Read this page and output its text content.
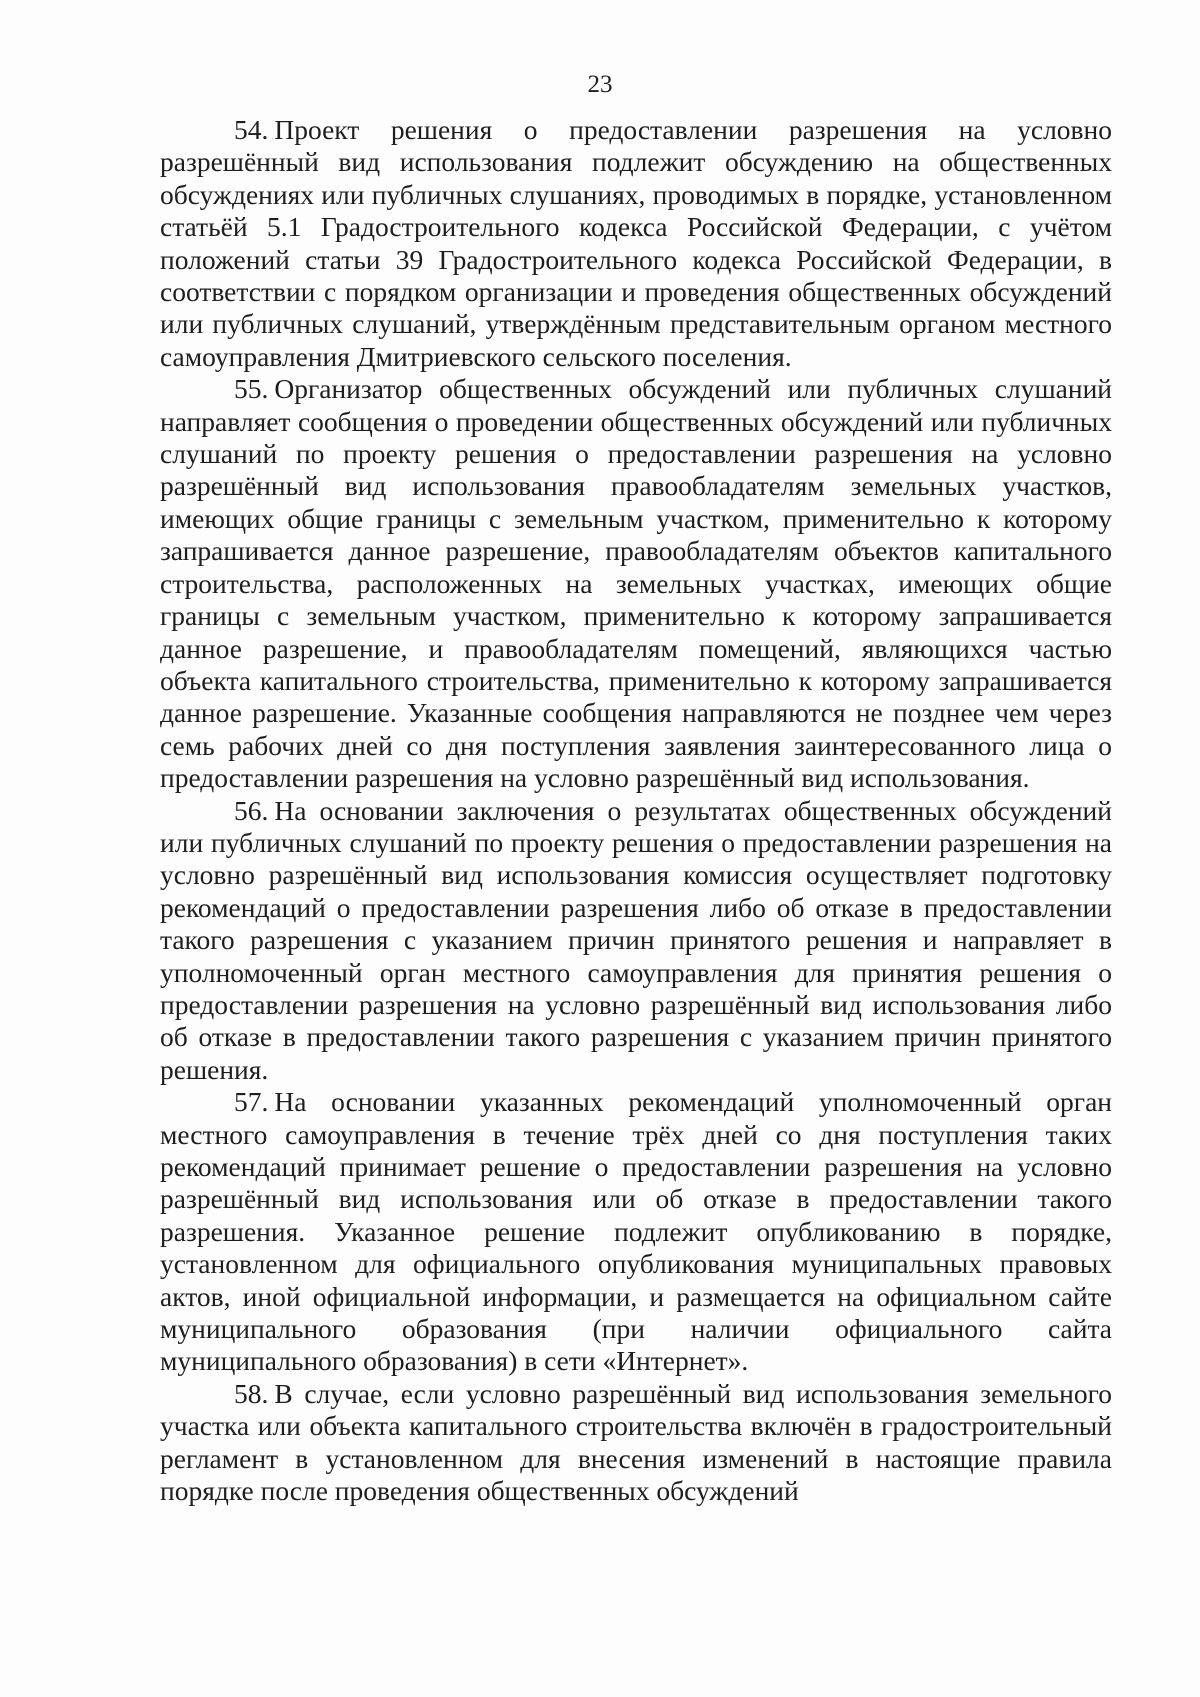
23

54. Проект решения о предоставлении разрешения на условно разрешённый вид использования подлежит обсуждению на общественных обсуждениях или публичных слушаниях, проводимых в порядке, установленном статьёй 5.1 Градостроительного кодекса Российской Федерации, с учётом положений статьи 39 Градостроительного кодекса Российской Федерации, в соответствии с порядком организации и проведения общественных обсуждений или публичных слушаний, утверждённым представительным органом местного самоуправления Дмитриевского сельского поселения.

55. Организатор общественных обсуждений или публичных слушаний направляет сообщения о проведении общественных обсуждений или публичных слушаний по проекту решения о предоставлении разрешения на условно разрешённый вид использования правообладателям земельных участков, имеющих общие границы с земельным участком, применительно к которому запрашивается данное разрешение, правообладателям объектов капитального строительства, расположенных на земельных участках, имеющих общие границы с земельным участком, применительно к которому запрашивается данное разрешение, и правообладателям помещений, являющихся частью объекта капитального строительства, применительно к которому запрашивается данное разрешение. Указанные сообщения направляются не позднее чем через семь рабочих дней со дня поступления заявления заинтересованного лица о предоставлении разрешения на условно разрешённый вид использования.

56. На основании заключения о результатах общественных обсуждений или публичных слушаний по проекту решения о предоставлении разрешения на условно разрешённый вид использования комиссия осуществляет подготовку рекомендаций о предоставлении разрешения либо об отказе в предоставлении такого разрешения с указанием причин принятого решения и направляет в уполномоченный орган местного самоуправления для принятия решения о предоставлении разрешения на условно разрешённый вид использования либо об отказе в предоставлении такого разрешения с указанием причин принятого решения.

57. На основании указанных рекомендаций уполномоченный орган местного самоуправления в течение трёх дней со дня поступления таких рекомендаций принимает решение о предоставлении разрешения на условно разрешённый вид использования или об отказе в предоставлении такого разрешения. Указанное решение подлежит опубликованию в порядке, установленном для официального опубликования муниципальных правовых актов, иной официальной информации, и размещается на официальном сайте муниципального образования (при наличии официального сайта муниципального образования) в сети «Интернет».

58. В случае, если условно разрешённый вид использования земельного участка или объекта капитального строительства включён в градостроительный регламент в установленном для внесения изменений в настоящие правила порядке после проведения общественных обсуждений
